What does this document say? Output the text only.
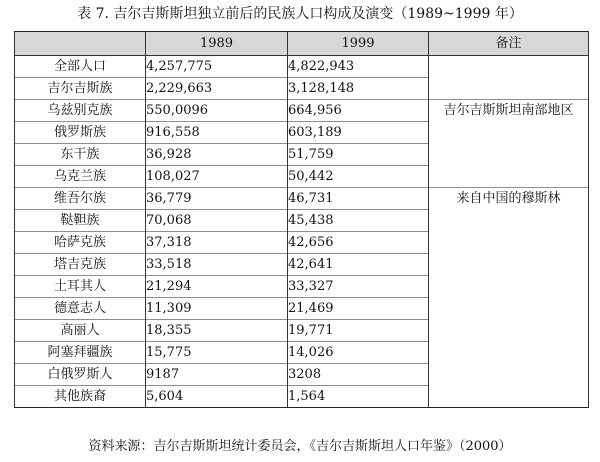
表 7. 吉尔吉斯斯坦独立前后的民族人口构成及演变（1989~1999 年）
	1989	1999	备注
全部人口	4,257,775	4,822,943	
吉尔吉斯族	2,229,663	3,128,148	
乌兹别克族	550,0096	664,956	吉尔吉斯斯坦南部地区
俄罗斯族	916,558	603,189	
东干族	36,928	51,759	
乌克兰族	108,027	50,442	
维吾尔族	36,779	46,731	来自中国的穆斯林
鞑靼族	70,068	45,438	
哈萨克族	37,318	42,656	
塔吉克族	33,518	42,641	
土耳其人	21,294	33,327	
德意志人	11,309	21,469	
高丽人	18,355	19,771	
阿塞拜疆族	15,775	14,026	
白俄罗斯人	9187	3208	
其他族裔	5,604	1,564	
资料来源：吉尔吉斯斯坦统计委员会，《吉尔吉斯斯坦人口年鉴》（2000）
